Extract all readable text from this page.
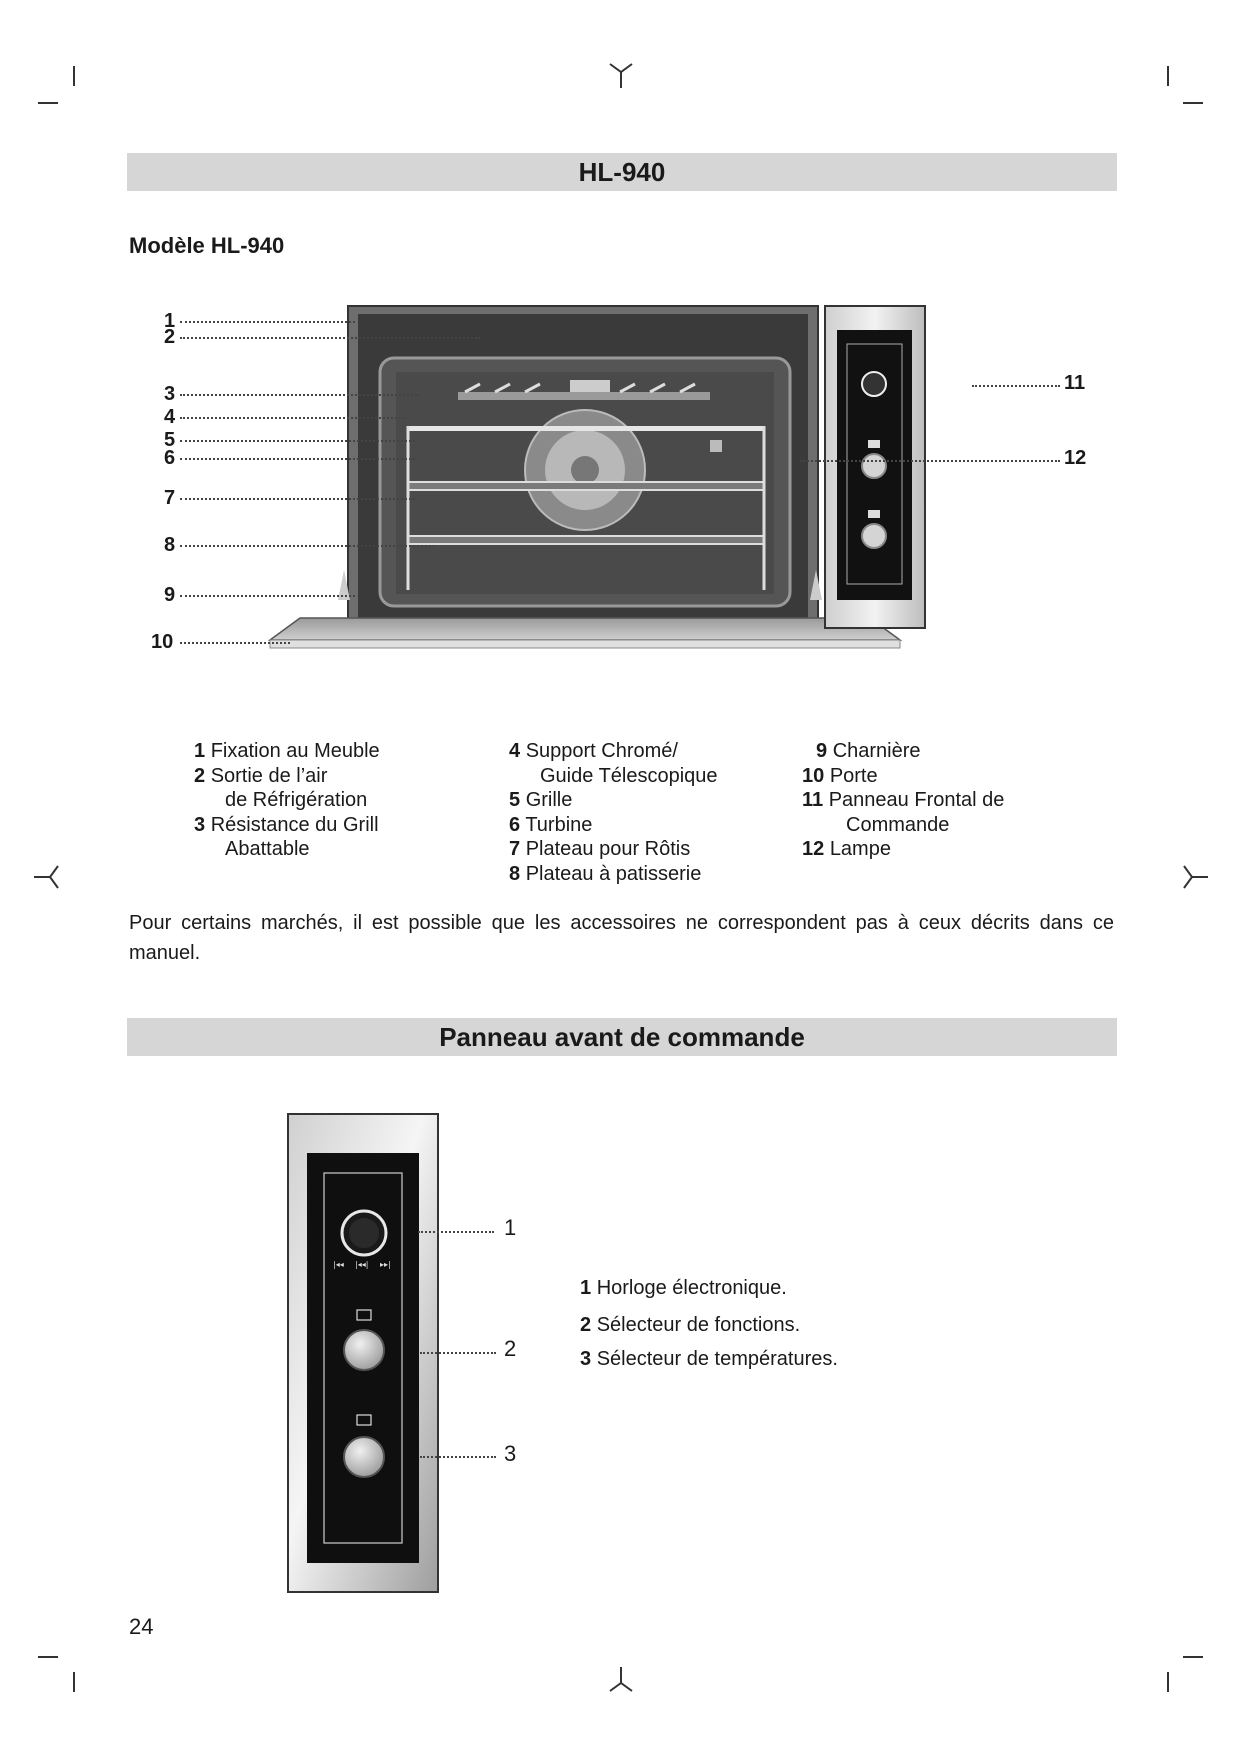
HL-940
Modèle HL-940
1
2
3
4
5
6
7
8
9
10
11
12
1 Fixation au Meuble
2 Sortie de l’air
de Réfrigération
3 Résistance du Grill
Abattable
4 Support Chromé/
Guide Télescopique
5 Grille
6 Turbine
7 Plateau pour Rôtis
8 Plateau à patisserie
9 Charnière
10 Porte
11 Panneau Frontal de
Commande
12 Lampe
Pour certains marchés, il est possible que les accessoires ne correspondent pas à ceux décrits dans ce manuel.
Panneau avant de commande
|◂◂ |◂◂| ▸▸|
▬▬
1
2
3
1 Horloge électronique.
2 Sélecteur de fonctions.
3 Sélecteur de températures.
24
